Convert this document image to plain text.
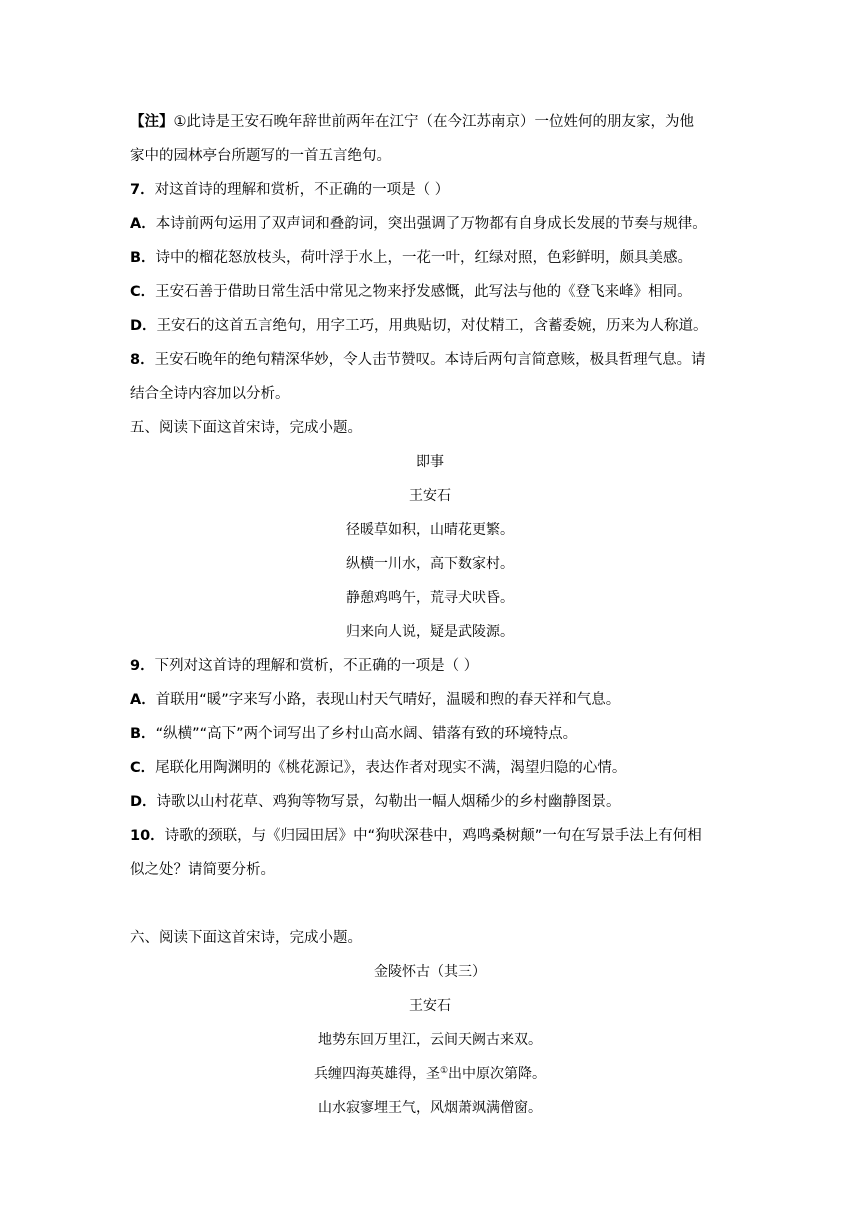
【注】①此诗是王安石晚年辞世前两年在江宁（在今江苏南京）一位姓何的朋友家，为他
家中的园林亭台所题写的一首五言绝句。
7．对这首诗的理解和赏析，不正确的一项是（ ）
A．本诗前两句运用了双声词和叠韵词，突出强调了万物都有自身成长发展的节奏与规律。
B．诗中的榴花怒放枝头，荷叶浮于水上，一花一叶，红绿对照，色彩鲜明，颇具美感。
C．王安石善于借助日常生活中常见之物来抒发感慨，此写法与他的《登飞来峰》相同。
D．王安石的这首五言绝句，用字工巧，用典贴切，对仗精工，含蓄委婉，历来为人称道。
8．王安石晚年的绝句精深华妙，令人击节赞叹。本诗后两句言简意赅，极具哲理气息。请
结合全诗内容加以分析。
五、阅读下面这首宋诗，完成小题。
即事
王安石
径暖草如积，山晴花更繁。
纵横一川水，高下数家村。
静憩鸡鸣午，荒寻犬吠昏。
归来向人说，疑是武陵源。
9．下列对这首诗的理解和赏析，不正确的一项是（ ）
A．首联用“暖”字来写小路，表现山村天气晴好，温暖和煦的春天祥和气息。
B．“纵横”“高下”两个词写出了乡村山高水阔、错落有致的环境特点。
C．尾联化用陶渊明的《桃花源记》，表达作者对现实不满，渴望归隐的心情。
D．诗歌以山村花草、鸡狗等物写景，勾勒出一幅人烟稀少的乡村幽静图景。
10．诗歌的颈联，与《归园田居》中“狗吠深巷中，鸡鸣桑树颠”一句在写景手法上有何相
似之处？请简要分析。
六、阅读下面这首宋诗，完成小题。
金陵怀古（其三）
王安石
地势东回万里江，云间天阙古来双。
兵缠四海英雄得，圣①出中原次第降。
山水寂寥埋王气，风烟萧飒满僧窗。
